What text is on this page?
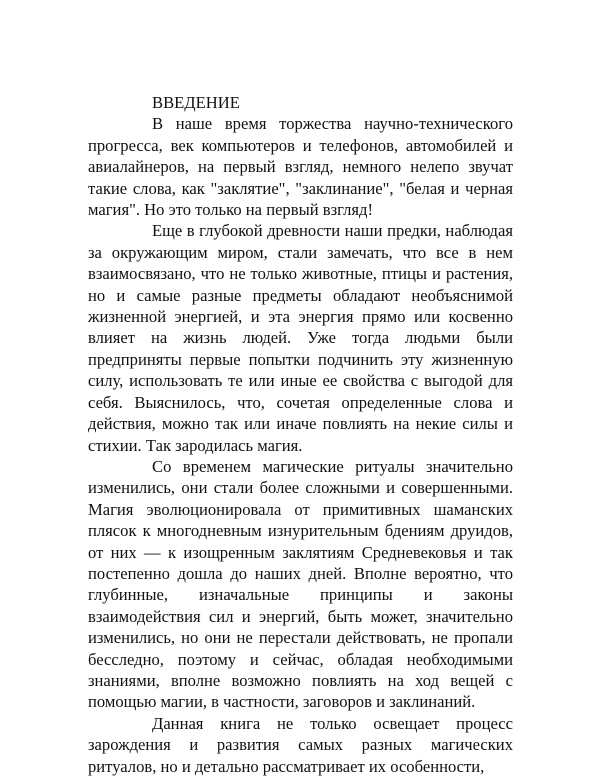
ВВЕДЕНИЕ

В наше время торжества научно-технического прогресса, век компьютеров и телефонов, автомобилей и авиалайнеров, на первый взгляд, немного нелепо звучат такие слова, как "заклятие", "заклинание", "белая и черная магия". Но это только на первый взгляд!

Еще в глубокой древности наши предки, наблюдая за окружающим миром, стали замечать, что все в нем взаимосвязано, что не только животные, птицы и растения, но и самые разные предметы обладают необъяснимой жизненной энергией, и эта энергия прямо или косвенно влияет на жизнь людей. Уже тогда людьми были предприняты первые попытки подчинить эту жизненную силу, использовать те или иные ее свойства с выгодой для себя. Выяснилось, что, сочетая определенные слова и действия, можно так или иначе повлиять на некие силы и стихии. Так зародилась магия.

Со временем магические ритуалы значительно изменились, они стали более сложными и совершенными. Магия эволюционировала от примитивных шаманских плясок к многодневным изнурительным бдениям друидов, от них — к изощренным заклятиям Средневековья и так постепенно дошла до наших дней. Вполне вероятно, что глубинные, изначальные принципы и законы взаимодействия сил и энергий, быть может, значительно изменились, но они не перестали действовать, не пропали бесследно, поэтому и сейчас, обладая необходимыми знаниями, вполне возможно повлиять на ход вещей с помощью магии, в частности, заговоров и заклинаний.

Данная книга не только освещает процесс зарождения и развития самых разных магических ритуалов, но и детально рассматривает их особенности,
